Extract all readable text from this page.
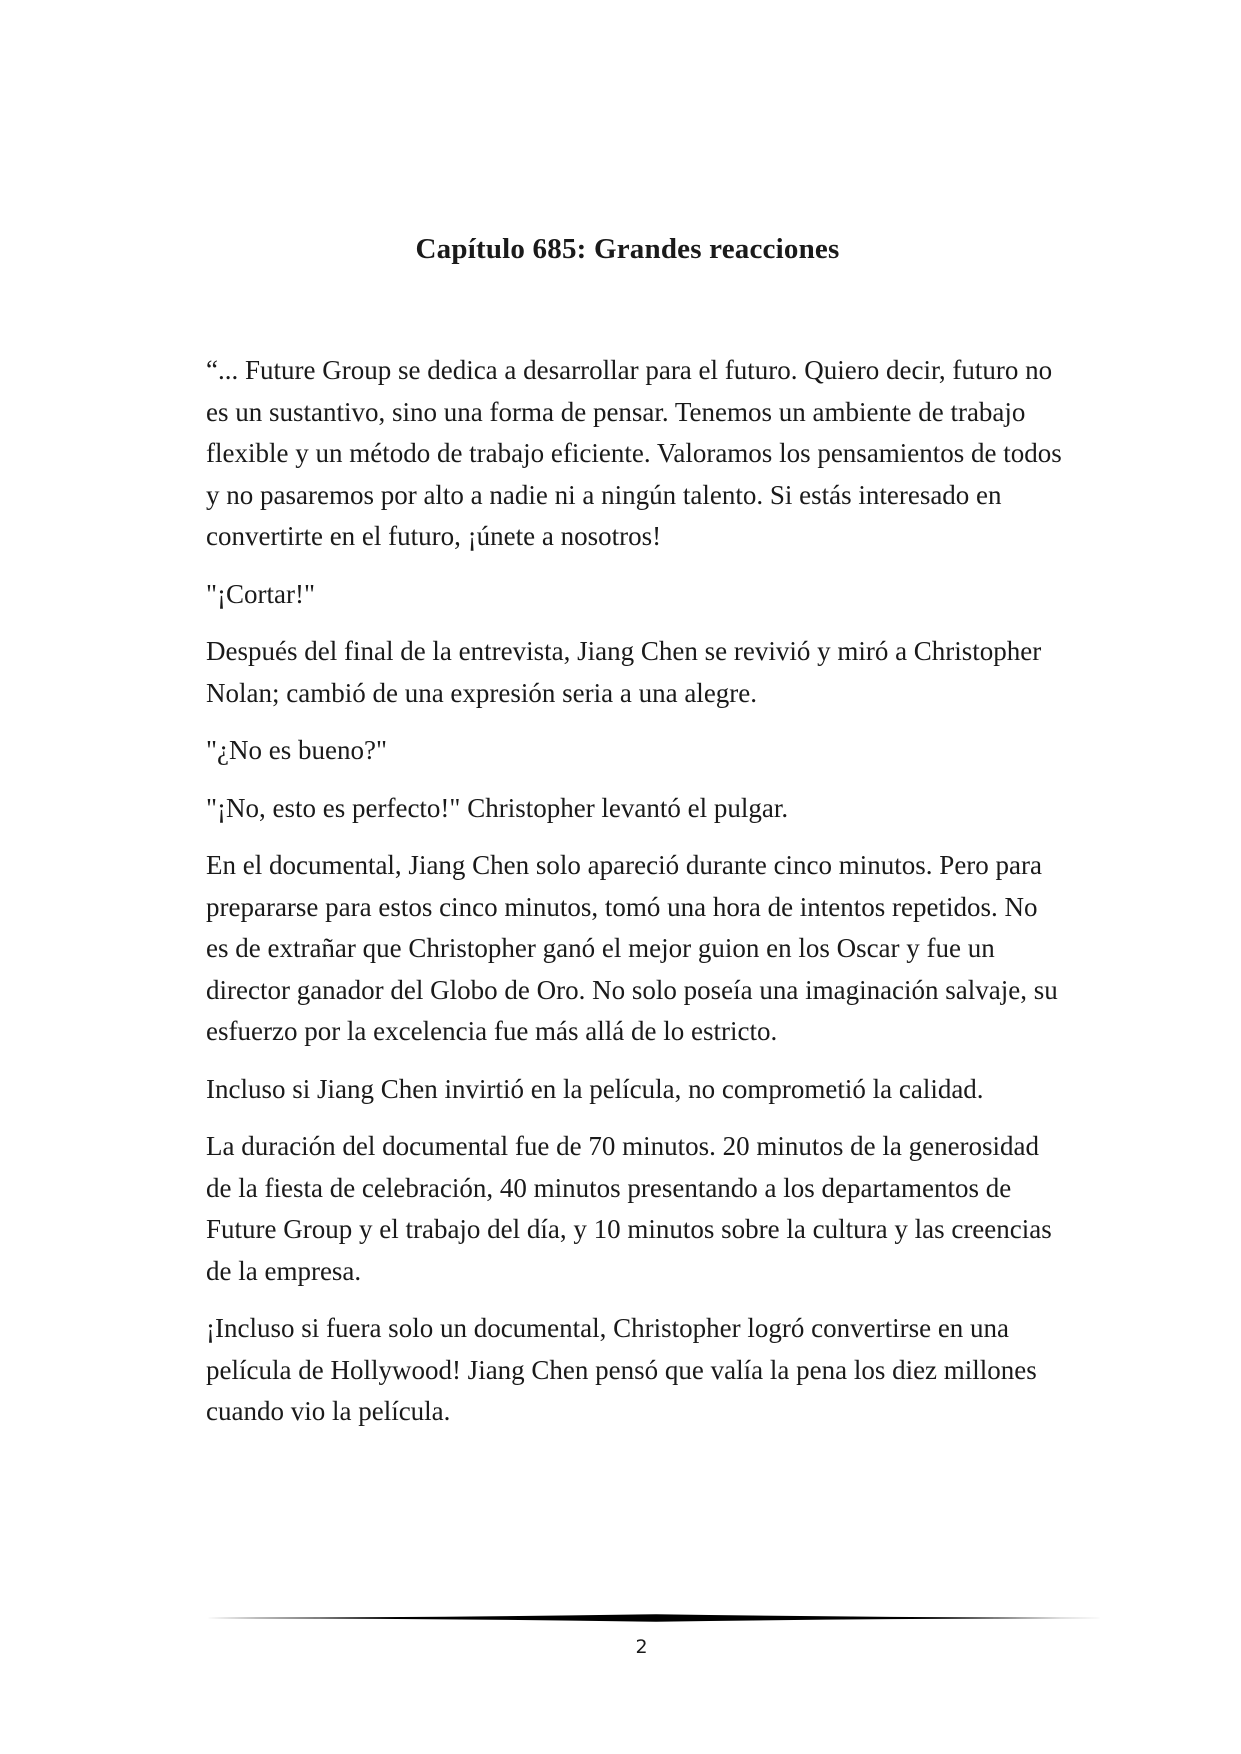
Capítulo 685: Grandes reacciones

“... Future Group se dedica a desarrollar para el futuro. Quiero decir, futuro no es un sustantivo, sino una forma de pensar. Tenemos un ambiente de trabajo flexible y un método de trabajo eficiente. Valoramos los pensamientos de todos y no pasaremos por alto a nadie ni a ningún talento. Si estás interesado en convertirte en el futuro, ¡únete a nosotros!

"¡Cortar!"

Después del final de la entrevista, Jiang Chen se revivió y miró a Christopher Nolan; cambió de una expresión seria a una alegre.

"¿No es bueno?"

"¡No, esto es perfecto!" Christopher levantó el pulgar.

En el documental, Jiang Chen solo apareció durante cinco minutos. Pero para prepararse para estos cinco minutos, tomó una hora de intentos repetidos. No es de extrañar que Christopher ganó el mejor guion en los Oscar y fue un director ganador del Globo de Oro. No solo poseía una imaginación salvaje, su esfuerzo por la excelencia fue más allá de lo estricto.

Incluso si Jiang Chen invirtió en la película, no comprometió la calidad.

La duración del documental fue de 70 minutos. 20 minutos de la generosidad de la fiesta de celebración, 40 minutos presentando a los departamentos de Future Group y el trabajo del día, y 10 minutos sobre la cultura y las creencias de la empresa.

¡Incluso si fuera solo un documental, Christopher logró convertirse en una película de Hollywood! Jiang Chen pensó que valía la pena los diez millones cuando vio la película.

2
